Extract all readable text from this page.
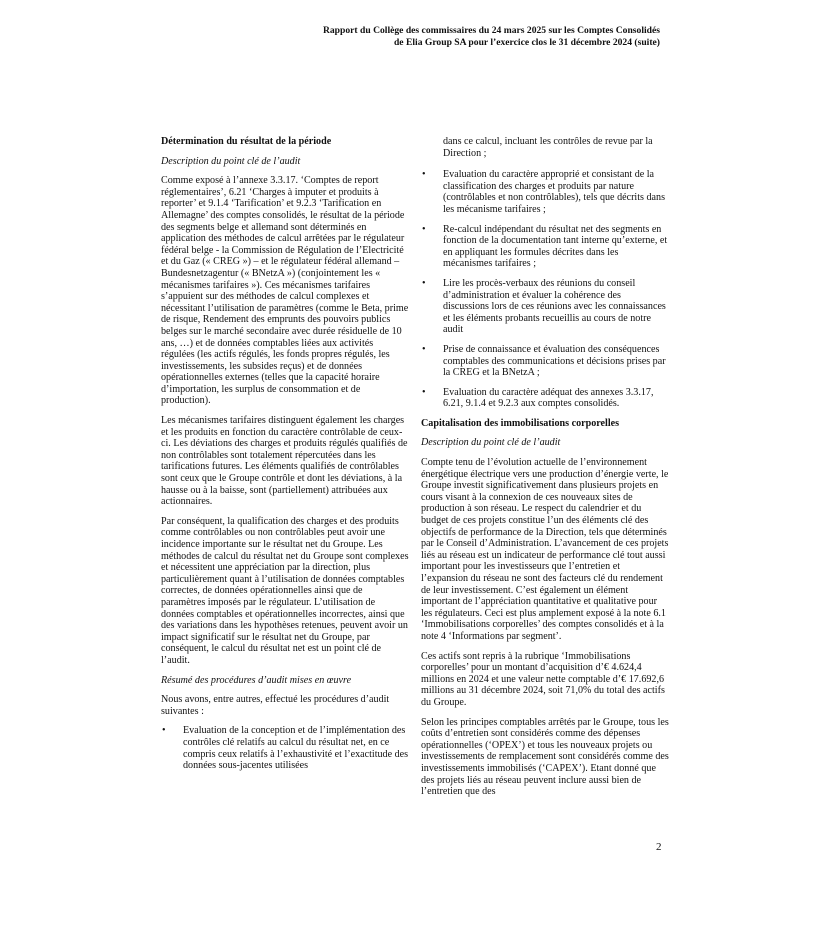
Rapport du Collège des commissaires du 24 mars 2025 sur les Comptes Consolidés
de Elia Group SA pour l’exercice clos le 31 décembre 2024 (suite)
Détermination du résultat de la période
Description du point clé de l’audit

Comme exposé à l’annexe 3.3.17. ‘Comptes de report réglementaires’, 6.21 ‘Charges à imputer et produits à reporter’ et 9.1.4 ‘Tarification’ et 9.2.3 ‘Tarification en Allemagne’ des comptes consolidés, le résultat de la période des segments belge et allemand sont déterminés en application des méthodes de calcul arrêtées par le régulateur fédéral belge - la Commission de Régulation de l’Electricité et du Gaz (« CREG ») – et le régulateur fédéral allemand – Bundesnetzagentur (« BNetzA ») (conjointement les « mécanismes tarifaires »). Ces mécanismes tarifaires s’appuient sur des méthodes de calcul complexes et nécessitant l’utilisation de paramètres (comme le Beta, prime de risque, Rendement des emprunts des pouvoirs publics belges sur le marché secondaire avec durée résiduelle de 10 ans, …) et de données comptables liées aux activités régulées (les actifs régulés, les fonds propres régulés, les investissements, les subsides reçus) et de données opérationnelles externes (telles que la capacité horaire d’importation, les surplus de consommation et de production).

Les mécanismes tarifaires distinguent également les charges et les produits en fonction du caractère contrôlable de ceux-ci. Les déviations des charges et produits régulés qualifiés de non contrôlables sont totalement répercutées dans les tarifications futures. Les éléments qualifiés de contrôlables sont ceux que le Groupe contrôle et dont les déviations, à la hausse ou à la baisse, sont (partiellement) attribuées aux actionnaires.

Par conséquent, la qualification des charges et des produits comme contrôlables ou non contrôlables peut avoir une incidence importante sur le résultat net du Groupe. Les méthodes de calcul du résultat net du Groupe sont complexes et nécessitent une appréciation par la direction, plus particulièrement quant à l’utilisation de données comptables correctes, de données opérationnelles ainsi que de paramètres imposés par le régulateur. L’utilisation de données comptables et opérationnelles incorrectes, ainsi que des variations dans les hypothèses retenues, peuvent avoir un impact significatif sur le résultat net du Groupe, par conséquent, le calcul du résultat net est un point clé de l’audit.

Résumé des procédures d’audit mises en œuvre

Nous avons, entre autres, effectué les procédures d’audit suivantes :

• Evaluation de la conception et de l’implémentation des contrôles clé relatifs au calcul du résultat net, en ce compris ceux relatifs à l’exhaustivité et l’exactitude des données sous-jacentes utilisées
dans ce calcul, incluant les contrôles de revue par la Direction ;
• Evaluation du caractère approprié et consistant de la classification des charges et produits par nature (contrôlables et non contrôlables), tels que décrits dans les mécanisme tarifaires ;
• Re-calcul indépendant du résultat net des segments en fonction de la documentation tant interne qu’externe, et en appliquant les formules décrites dans les mécanismes tarifaires ;
• Lire les procès-verbaux des réunions du conseil d’administration et évaluer la cohérence des discussions lors de ces réunions avec les connaissances et les éléments probants recueillis au cours de notre audit
• Prise de connaissance et évaluation des conséquences comptables des communications et décisions prises par la CREG et la BNetzA ;
• Evaluation du caractère adéquat des annexes 3.3.17, 6.21, 9.1.4 et 9.2.3 aux comptes consolidés.
Capitalisation des immobilisations corporelles
Description du point clé de l’audit

Compte tenu de l’évolution actuelle de l’environnement énergétique électrique vers une production d’énergie verte, le Groupe investit significativement dans plusieurs projets en cours visant à la connexion de ces nouveaux sites de production à son réseau. Le respect du calendrier et du budget de ces projets constitue l’un des éléments clé des objectifs de performance de la Direction, tels que déterminés par le Conseil d’Administration. L’avancement de ces projets liés au réseau est un indicateur de performance clé tout aussi important pour les investisseurs que l’entretien et l’expansion du réseau ne sont des facteurs clé du rendement de leur investissement. C’est également un élément important de l’appréciation quantitative et qualitative pour les régulateurs. Ceci est plus amplement exposé à la note 6.1 ‘Immobilisations corporelles’ des comptes consolidés et à la note 4 ‘Informations par segment’.

Ces actifs sont repris à la rubrique ‘Immobilisations corporelles’ pour un montant d’acquisition d’€ 4.624,4 millions en 2024 et une valeur nette comptable d’€ 17.692,6 millions au 31 décembre 2024, soit 71,0% du total des actifs du Groupe.

Selon les principes comptables arrêtés par le Groupe, tous les coûts d’entretien sont considérés comme des dépenses opérationnelles (‘OPEX’) et tous les nouveaux projets ou investissements de remplacement sont considérés comme des investissements immobilisés (‘CAPEX’). Etant donné que des projets liés au réseau peuvent inclure aussi bien de l’entretien que des

2
